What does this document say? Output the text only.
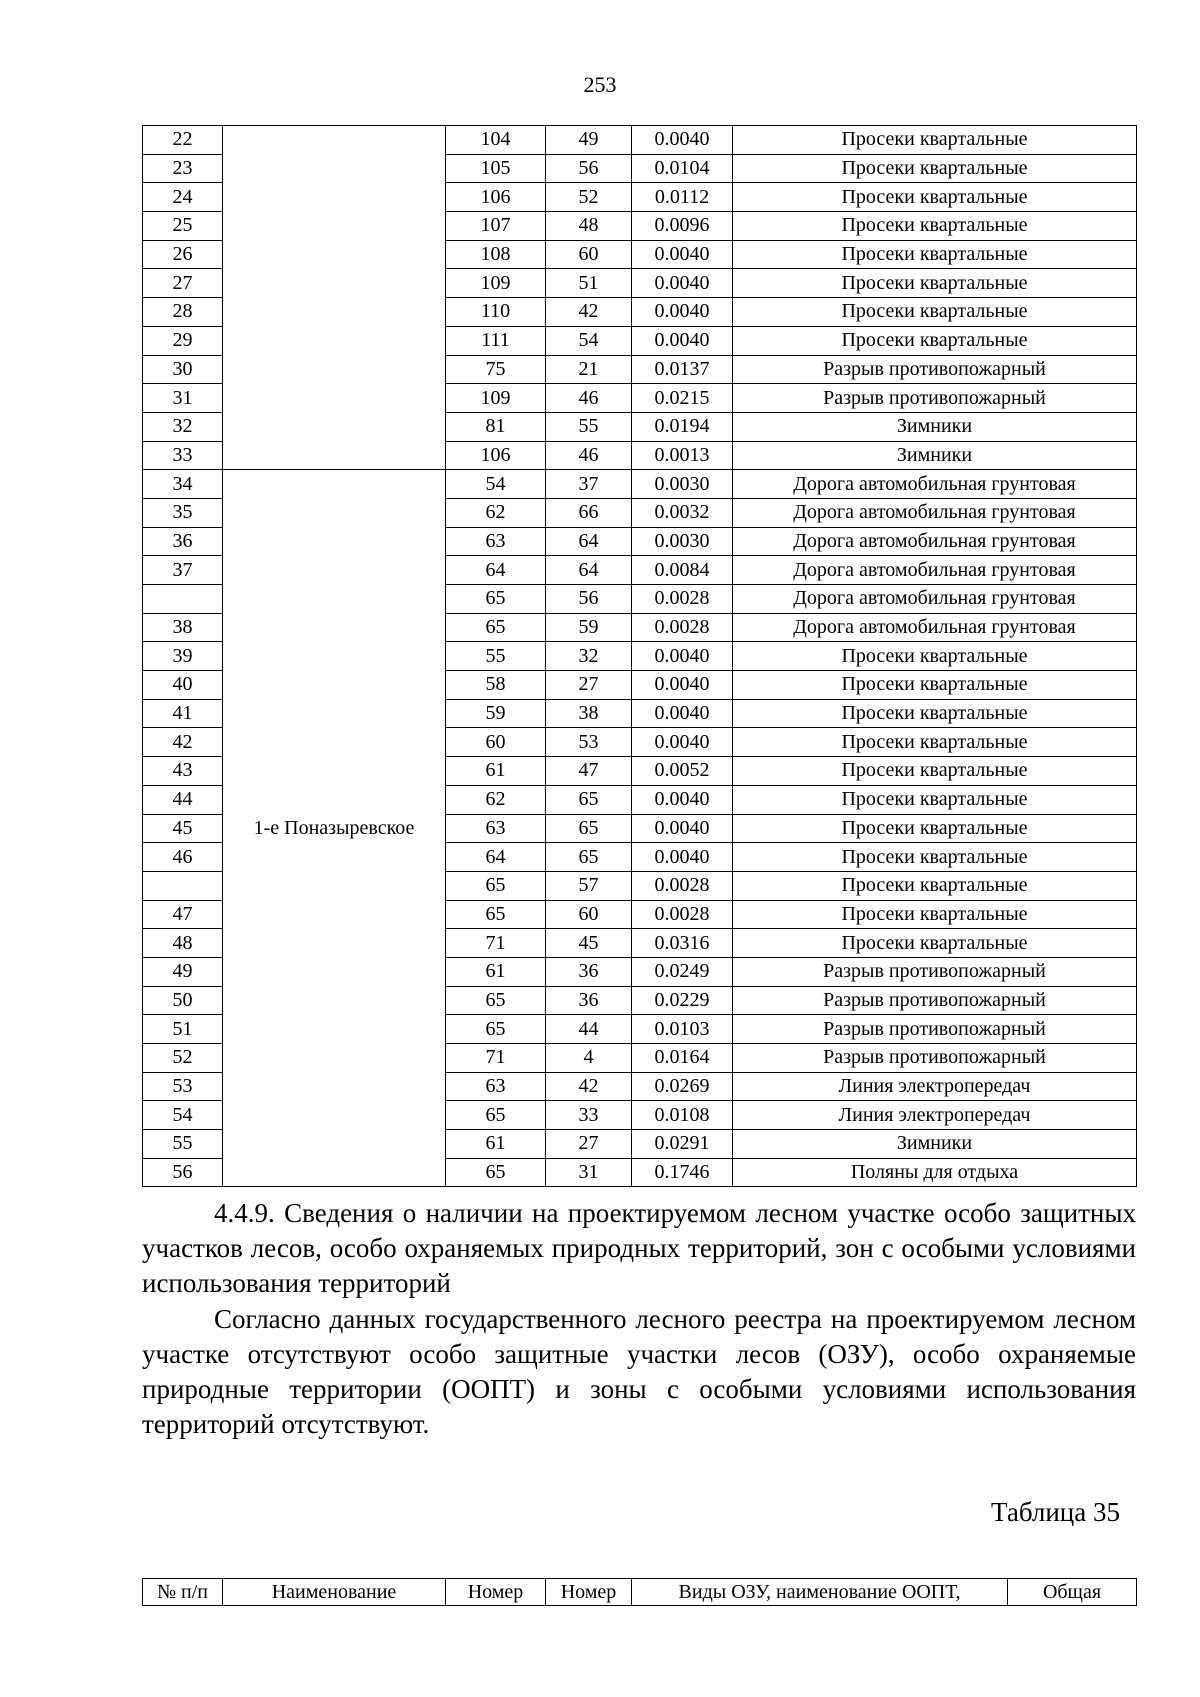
253
22		104	49	0.0040	Просеки квартальные
23		105	56	0.0104	Просеки квартальные
24		106	52	0.0112	Просеки квартальные
25		107	48	0.0096	Просеки квартальные
26		108	60	0.0040	Просеки квартальные
27		109	51	0.0040	Просеки квартальные
28		110	42	0.0040	Просеки квартальные
29		111	54	0.0040	Просеки квартальные
30		75	21	0.0137	Разрыв противопожарный
31		109	46	0.0215	Разрыв противопожарный
32		81	55	0.0194	Зимники
33		106	46	0.0013	Зимники
34	1-е Поназыревское	54	37	0.0030	Дорога автомобильная грунтовая
35		62	66	0.0032	Дорога автомобильная грунтовая
36		63	64	0.0030	Дорога автомобильная грунтовая
37		64	64	0.0084	Дорога автомобильная грунтовая
		65	56	0.0028	Дорога автомобильная грунтовая
38		65	59	0.0028	Дорога автомобильная грунтовая
39		55	32	0.0040	Просеки квартальные
40		58	27	0.0040	Просеки квартальные
41		59	38	0.0040	Просеки квартальные
42		60	53	0.0040	Просеки квартальные
43		61	47	0.0052	Просеки квартальные
44		62	65	0.0040	Просеки квартальные
45		63	65	0.0040	Просеки квартальные
46		64	65	0.0040	Просеки квартальные
		65	57	0.0028	Просеки квартальные
47		65	60	0.0028	Просеки квартальные
48		71	45	0.0316	Просеки квартальные
49		61	36	0.0249	Разрыв противопожарный
50		65	36	0.0229	Разрыв противопожарный
51		65	44	0.0103	Разрыв противопожарный
52		71	4	0.0164	Разрыв противопожарный
53		63	42	0.0269	Линия электропередач
54		65	33	0.0108	Линия электропередач
55		61	27	0.0291	Зимники
56		65	31	0.1746	Поляны для отдыха

4.4.9. Сведения о наличии на проектируемом лесном участке особо защитных участков лесов, особо охраняемых природных территорий, зон с особыми условиями использования территорий

Согласно данных государственного лесного реестра на проектируемом лесном участке отсутствуют особо защитные участки лесов (ОЗУ), особо охраняемые природные территории (ООПТ) и зоны с особыми условиями использования территорий отсутствуют.

Таблица 35
№ п/п	Наименование	Номер	Номер	Виды ОЗУ, наименование ООПТ,	Общая
